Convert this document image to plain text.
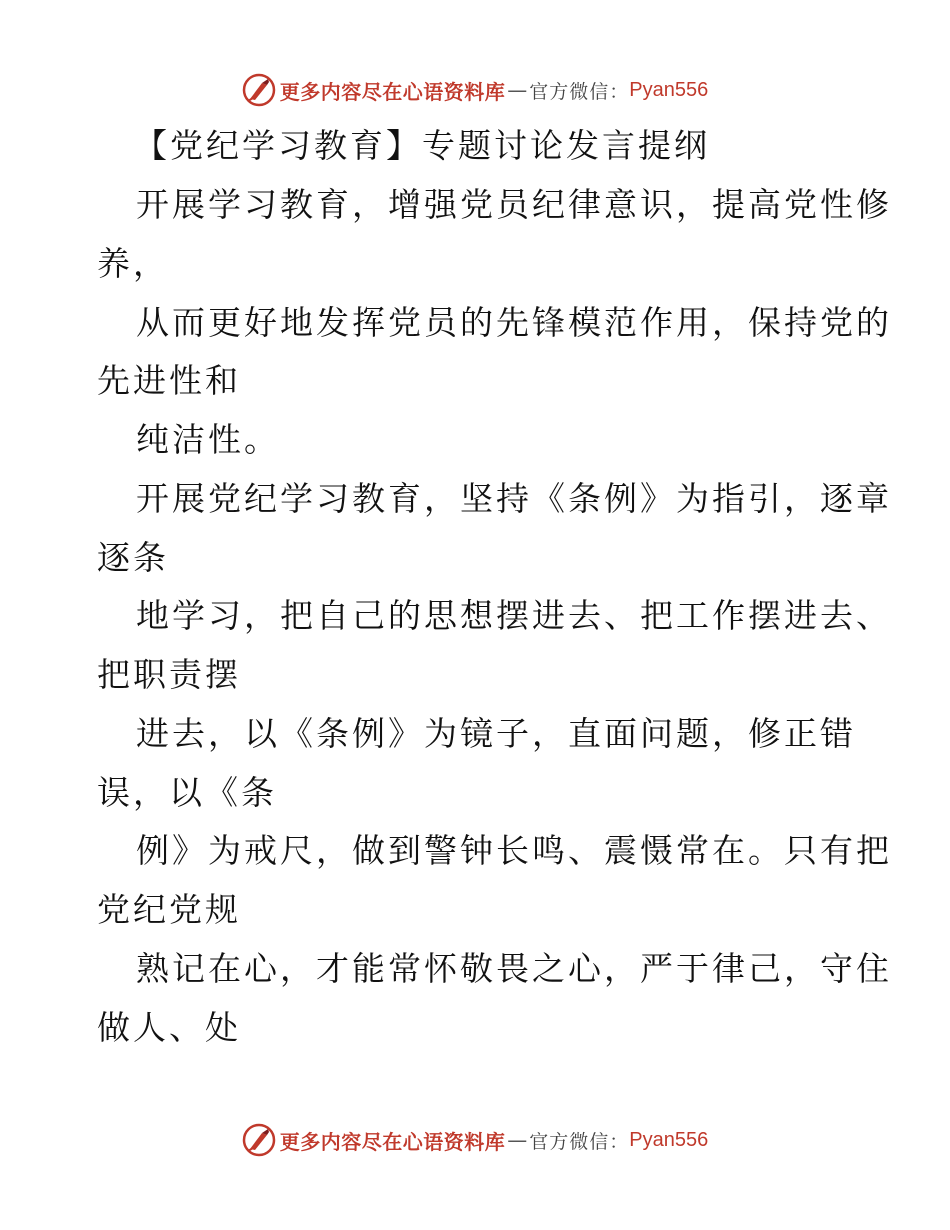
更多内容尽在心语资料库 — 官方微信： Pyan556
【党纪学习教育】专题讨论发言提纲
开展学习教育，增强党员纪律意识，提高党性修
养，
从而更好地发挥党员的先锋模范作用，保持党的
先进性和
纯洁性。
开展党纪学习教育，坚持《条例》为指引，逐章
逐条
地学习，把自己的思想摆进去、把工作摆进去、
把职责摆
进去，以《条例》为镜子，直面问题，修正错
误，以《条
例》为戒尺，做到警钟长鸣、震慑常在。只有把
党纪党规
熟记在心，才能常怀敬畏之心，严于律己，守住
做人、处
更多内容尽在心语资料库 — 官方微信： Pyan556
